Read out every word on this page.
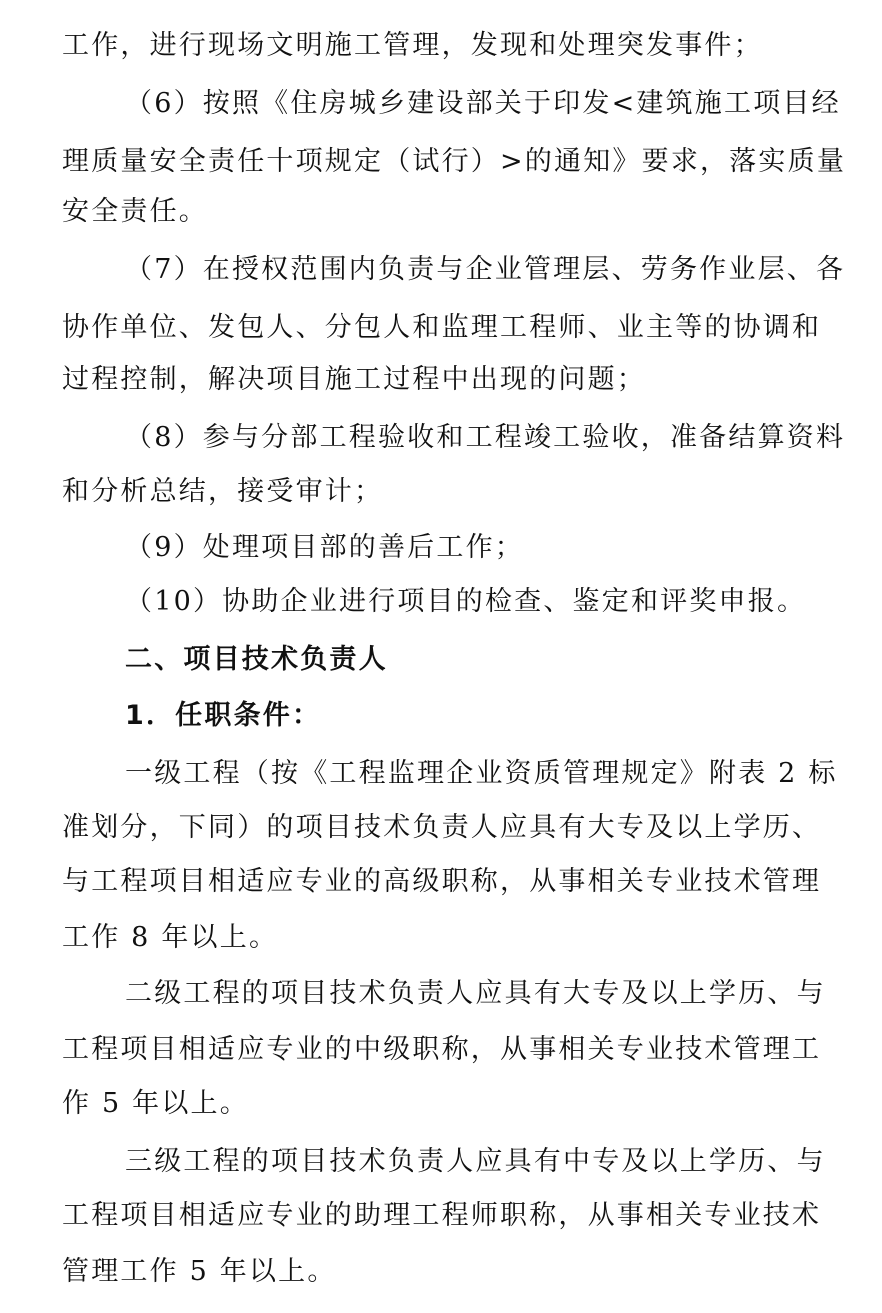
工作，进行现场文明施工管理，发现和处理突发事件；
（6）按照《住房城乡建设部关于印发<建筑施工项目经
理质量安全责任十项规定（试行）>的通知》要求，落实质量
安全责任。
（7）在授权范围内负责与企业管理层、劳务作业层、各
协作单位、发包人、分包人和监理工程师、业主等的协调和
过程控制，解决项目施工过程中出现的问题；
（8）参与分部工程验收和工程竣工验收，准备结算资料
和分析总结，接受审计；
（9）处理项目部的善后工作；
（10）协助企业进行项目的检查、鉴定和评奖申报。
二、项目技术负责人
1．任职条件：
一级工程（按《工程监理企业资质管理规定》附表 2 标
准划分，下同）的项目技术负责人应具有大专及以上学历、
与工程项目相适应专业的高级职称，从事相关专业技术管理
工作 8 年以上。
二级工程的项目技术负责人应具有大专及以上学历、与
工程项目相适应专业的中级职称，从事相关专业技术管理工
作 5 年以上。
三级工程的项目技术负责人应具有中专及以上学历、与
工程项目相适应专业的助理工程师职称，从事相关专业技术
管理工作 5 年以上。
